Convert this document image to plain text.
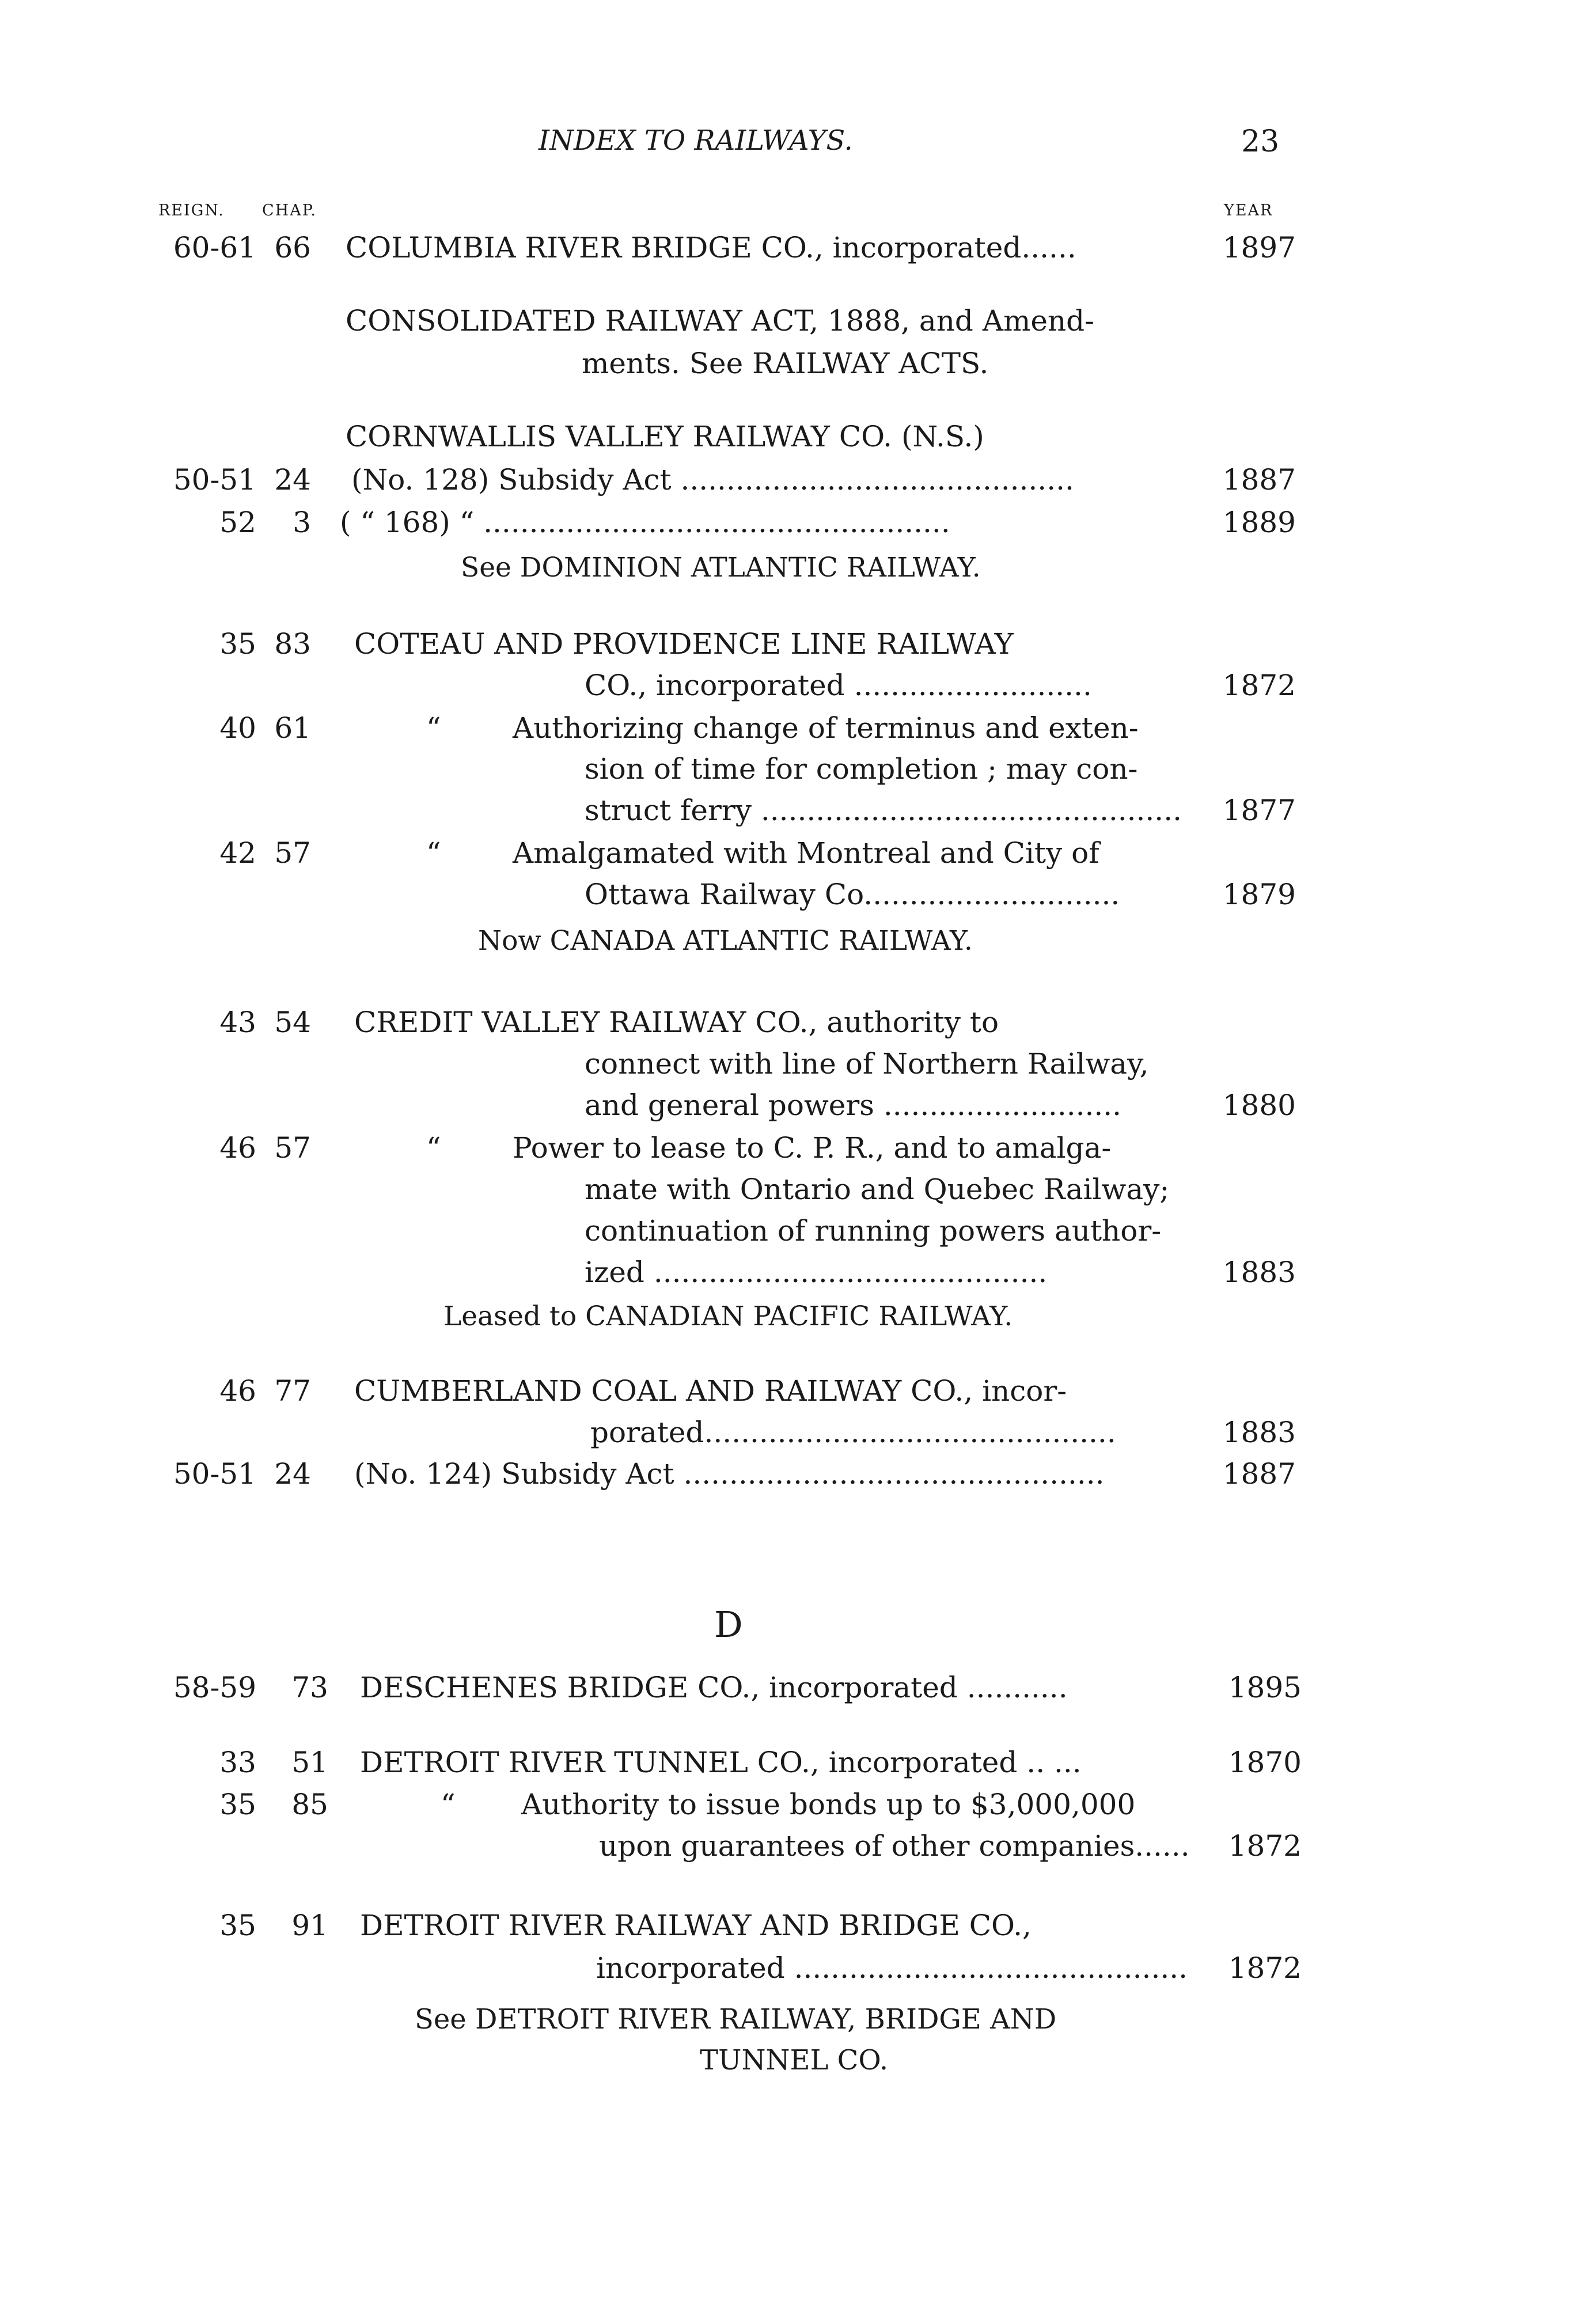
INDEX TO RAILWAYS.	23
REIGN. CHAP.	YEAR
60-61 66 COLUMBIA RIVER BRIDGE CO., incorporated......	1897
CONSOLIDATED RAILWAY ACT, 1888, and Amend-
ments. See RAILWAY ACTS.
CORNWALLIS VALLEY RAILWAY CO. (N.S.)
50-51 24 (No. 128) Subsidy Act ...........................................	1887
52	3 ( “ 168) “ ...................................................	1889
See DOMINION ATLANTIC RAILWAY.
35 83 COTEAU AND PROVIDENCE LINE RAILWAY
CO., incorporated ..........................	1872
40 61	“ Authorizing change of terminus and exten-
sion of time for completion ; may con-
struct ferry ..............................................	1877
42 57	“ Amalgamated with Montreal and City of
Ottawa Railway Co............................	1879
Now CANADA ATLANTIC RAILWAY.
43 54 CREDIT VALLEY RAILWAY CO., authority to
connect with line of Northern Railway,
and general powers ..........................	1880
46 57	“ Power to lease to C. P. R., and to amalga-
mate with Ontario and Quebec Railway;
continuation of running powers author-
ized ...........................................	1883
Leased to CANADIAN PACIFIC RAILWAY.
46 77 CUMBERLAND COAL AND RAILWAY CO., incor-
porated.............................................	1883
50-51 24 (No. 124) Subsidy Act ..............................................	1887
D
58-59	73 DESCHENES BRIDGE CO., incorporated ...........	1895
33	51 DETROIT RIVER TUNNEL CO., incorporated .. ...	1870
35	85	“ Authority to issue bonds up to $3,000,000
upon guarantees of other companies......	1872
35	91 DETROIT RIVER RAILWAY AND BRIDGE CO.,
incorporated ...........................................	1872
See DETROIT RIVER RAILWAY, BRIDGE AND
TUNNEL CO.
